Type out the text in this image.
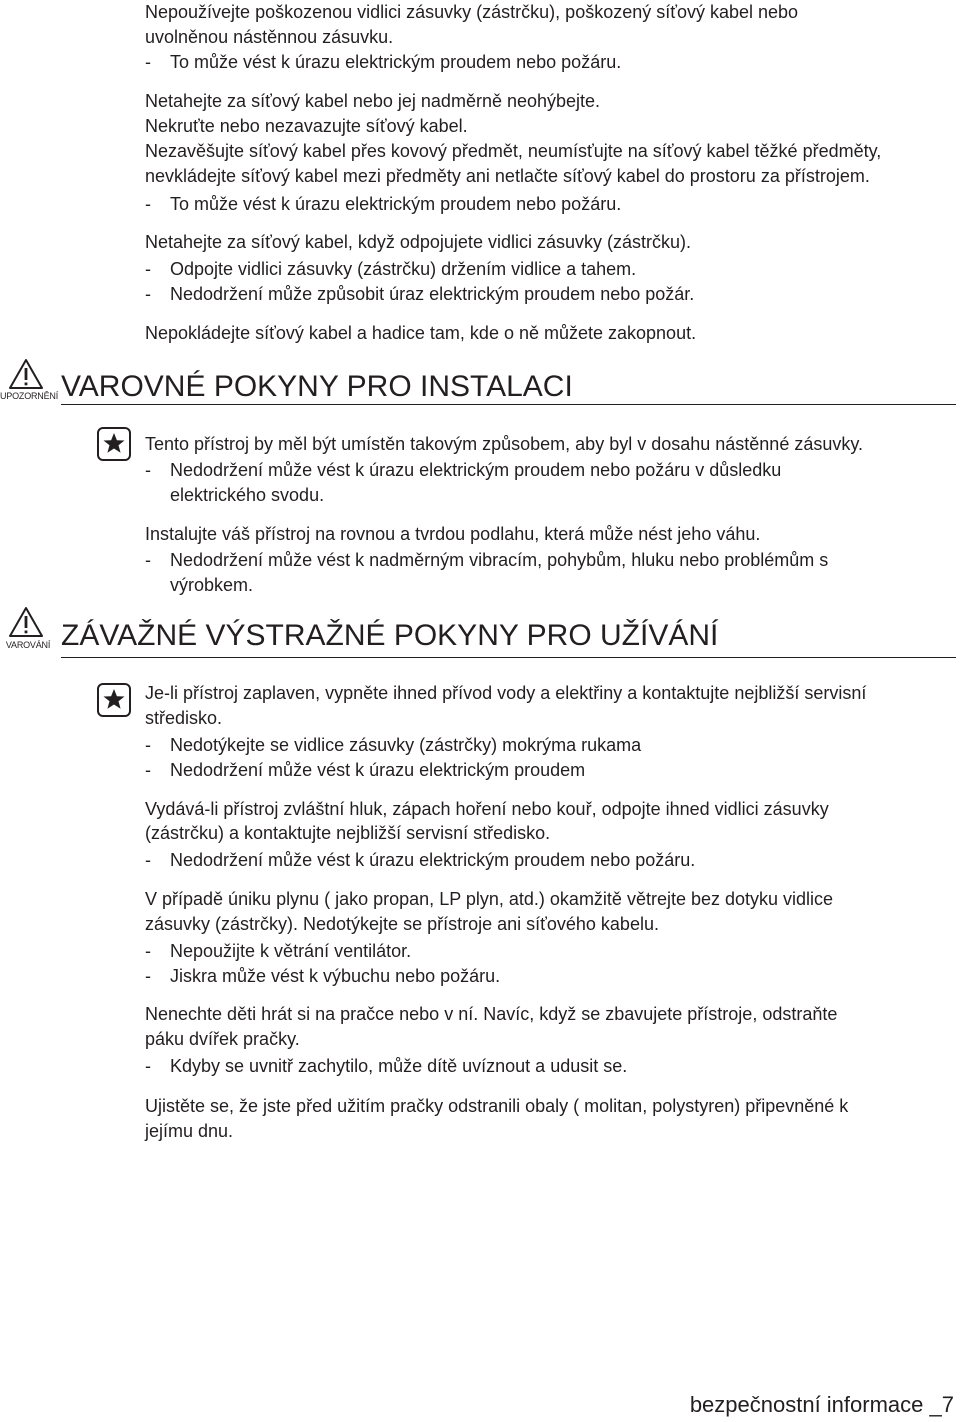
Nepoužívejte poškozenou vidlici zásuvky (zástrčku), poškozený síťový kabel nebo
uvolněnou nástěnnou zásuvku.
- To může vést k úrazu elektrickým proudem nebo požáru.
Netahejte za síťový kabel nebo jej nadměrně neohýbejte.
Nekruťte nebo nezavazujte síťový kabel.
Nezavěšujte síťový kabel přes kovový předmět, neumísťujte na síťový kabel těžké předměty,
nevkládejte síťový kabel mezi předměty ani netlačte síťový kabel do prostoru za přístrojem.
- To může vést k úrazu elektrickým proudem nebo požáru.
Netahejte za síťový kabel, když odpojujete vidlici zásuvky (zástrčku).
- Odpojte vidlici zásuvky (zástrčku) držením vidlice a tahem.
- Nedodržení může způsobit úraz elektrickým proudem nebo požár.
Nepokládejte síťový kabel a hadice tam, kde o ně můžete zakopnout.
UPOZORNĚNÍ VAROVNÉ POKYNY PRO INSTALACI
Tento přístroj by měl být umístěn takovým způsobem, aby byl v dosahu nástěnné zásuvky.
- Nedodržení může vést k úrazu elektrickým proudem nebo požáru v důsledku
elektrického svodu.
Instalujte váš přístroj na rovnou a tvrdou podlahu, která může nést jeho váhu.
- Nedodržení může vést k nadměrným vibracím, pohybům, hluku nebo problémům s
výrobkem.
VAROVÁNÍ ZÁVAŽNÉ VÝSTRAŽNÉ POKYNY PRO UŽÍVÁNÍ
Je-li přístroj zaplaven, vypněte ihned přívod vody a elektřiny a kontaktujte nejbližší servisní
středisko.
- Nedotýkejte se vidlice zásuvky (zástrčky) mokrýma rukama
- Nedodržení může vést k úrazu elektrickým proudem
Vydává-li přístroj zvláštní hluk, zápach hoření nebo kouř, odpojte ihned vidlici zásuvky
(zástrčku) a kontaktujte nejbližší servisní středisko.
- Nedodržení může vést k úrazu elektrickým proudem nebo požáru.
V případě úniku plynu ( jako propan, LP plyn, atd.) okamžitě větrejte bez dotyku vidlice
zásuvky (zástrčky). Nedotýkejte se přístroje ani síťového kabelu.
- Nepoužijte k větrání ventilátor.
- Jiskra může vést k výbuchu nebo požáru.
Nenechte děti hrát si na pračce nebo v ní. Navíc, když se zbavujete přístroje, odstraňte
páku dvířek pračky.
- Kdyby se uvnitř zachytilo, může dítě uvíznout a udusit se.
Ujistěte se, že jste před užitím pračky odstranili obaly ( molitan, polystyren) připevněné k
jejímu dnu.
bezpečnostní informace _7
